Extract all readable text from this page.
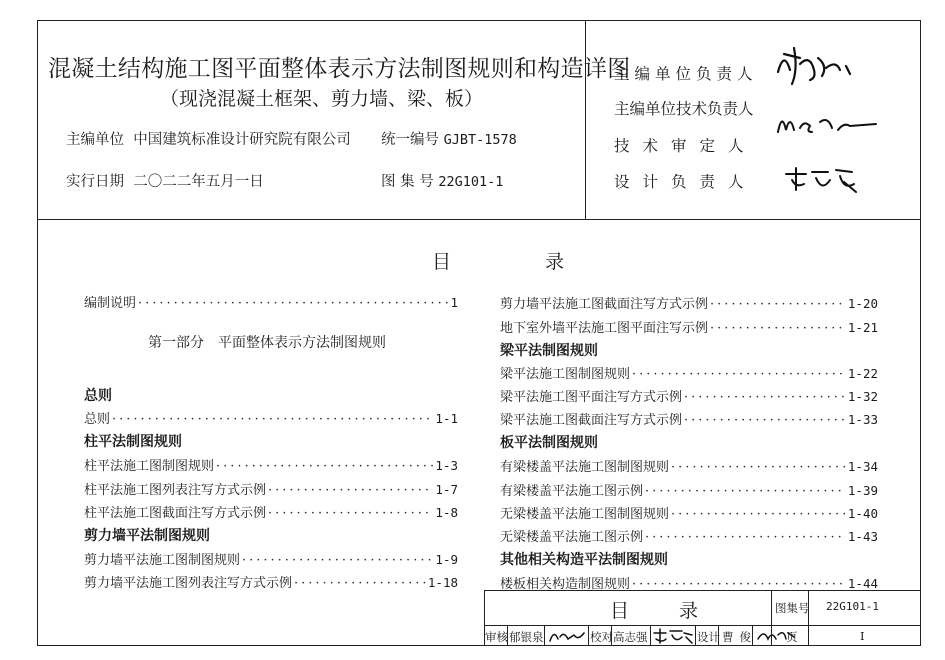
混凝土结构施工图平面整体表示方法制图规则和构造详图
（现浇混凝土框架、剪力墙、梁、板）
主编单位 中国建筑标准设计研究院有限公司 统一编号 GJBT-1578
实行日期 二〇二二年五月一日	图 集 号 22G101-1
主编单位负责人
主编单位技术负责人
技术审定人
设计负责人
目 录
编制说明 ·····	1
第一部分　平面整体表示方法制图规则
总则
总则 ·····	1-1
柱平法制图规则
柱平法施工图制图规则 ·····	1-3
柱平法施工图列表注写方式示例 ·····	1-7
柱平法施工图截面注写方式示例 ·····	1-8
剪力墙平法制图规则
剪力墙平法施工图制图规则 ·····	1-9
剪力墙平法施工图列表注写方式示例 ·····	1-18
剪力墙平法施工图截面注写方式示例 ·····	1-20
地下室外墙平法施工图平面注写示例 ·····	1-21
梁平法制图规则
梁平法施工图制图规则 ·····	1-22
梁平法施工图平面注写方式示例 ·····	1-32
梁平法施工图截面注写方式示例 ·····	1-33
板平法制图规则
有梁楼盖平法施工图制图规则 ·····	1-34
有梁楼盖平法施工图示例 ·····	1-39
无梁楼盖平法施工图制图规则 ·····	1-40
无梁楼盖平法施工图示例 ·····	1-43
其他相关构造平法制图规则
楼板相关构造制图规则 ·····	1-44
目 录	图集号 22G101-1
审核 郁银泉	校对 高志强	设计 曹俊	页	I
